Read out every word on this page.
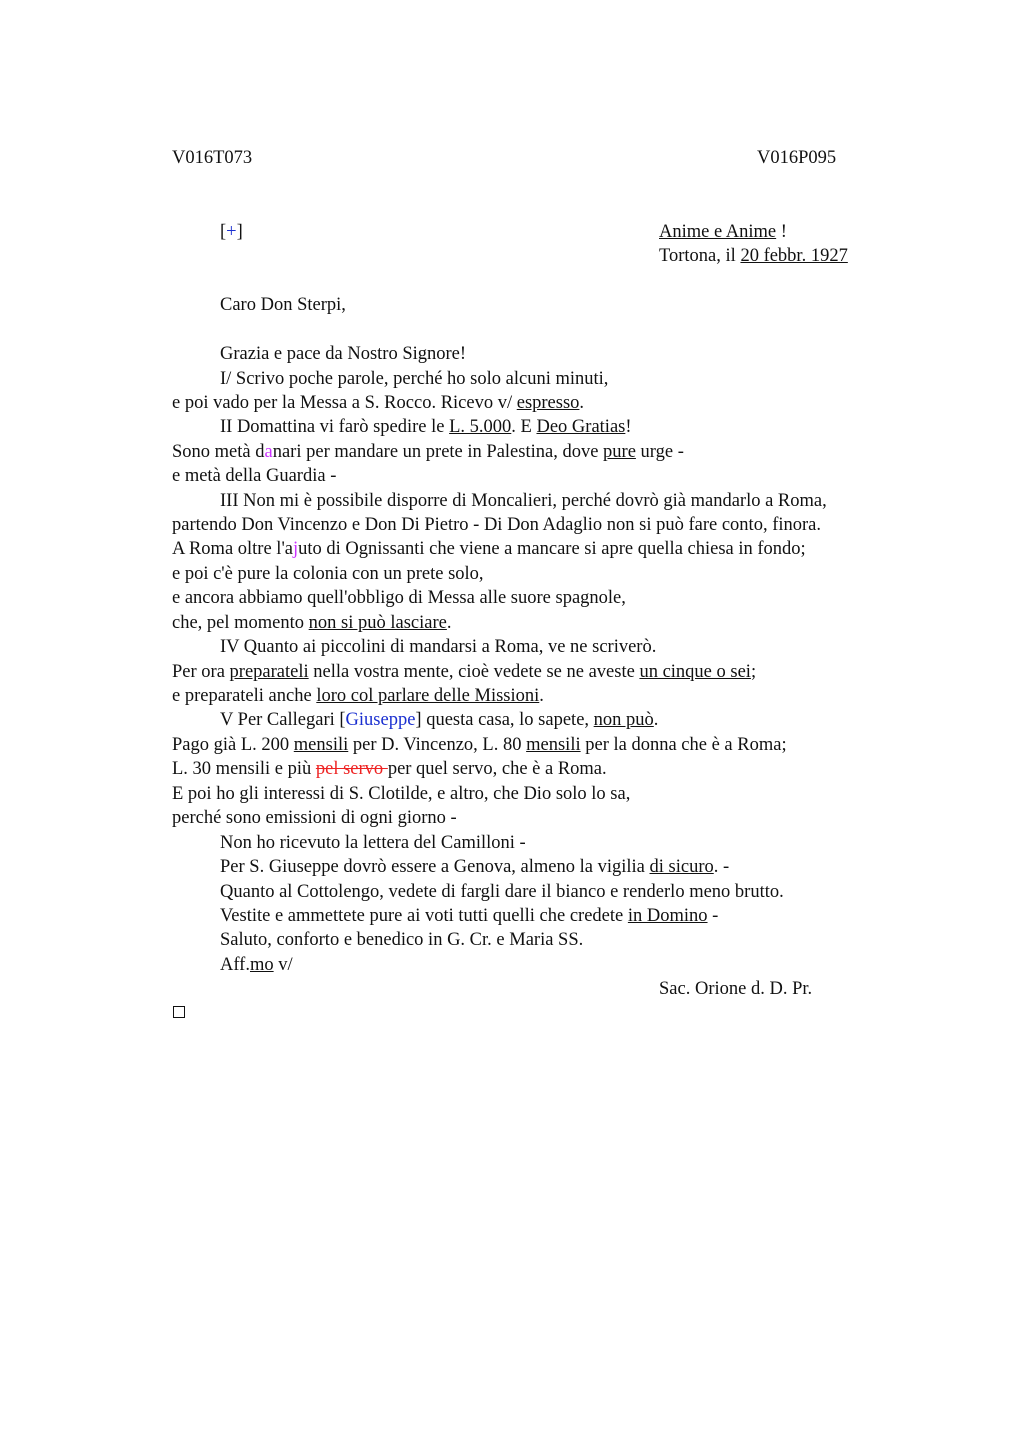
V016T073	V016P095
[+]	Anime e Anime !
Tortona, il 20 febbr. 1927
Caro Don Sterpi,
Grazia e pace da Nostro Signore!
I/ Scrivo poche parole, perché ho solo alcuni minuti,
e poi vado per la Messa a S. Rocco. Ricevo v/ espresso.
II Domattina vi farò spedire le L. 5.000. E Deo Gratias!
Sono metà danari per mandare un prete in Palestina, dove pure urge -
e metà della Guardia -
III Non mi è possibile disporre di Moncalieri, perché dovrò già mandarlo a Roma,
partendo Don Vincenzo e Don Di Pietro - Di Don Adaglio non si può fare conto, finora.
A Roma oltre l'ajuto di Ognissanti che viene a mancare si apre quella chiesa in fondo;
e poi c'è pure la colonia con un prete solo,
e ancora abbiamo quell'obbligo di Messa alle suore spagnole,
che, pel momento non si può lasciare.
IV Quanto ai piccolini di mandarsi a Roma, ve ne scriverò.
Per ora preparateli nella vostra mente, cioè vedete se ne aveste un cinque o sei;
e preparateli anche loro col parlare delle Missioni.
V Per Callegari [Giuseppe] questa casa, lo sapete, non può.
Pago già L. 200 mensili per D. Vincenzo, L. 80 mensili per la donna che è a Roma;
L. 30 mensili e più pel servo per quel servo, che è a Roma.
E poi ho gli interessi di S. Clotilde, e altro, che Dio solo lo sa,
perché sono emissioni di ogni giorno -
Non ho ricevuto la lettera del Camilloni -
Per S. Giuseppe dovrò essere a Genova, almeno la vigilia di sicuro. -
Quanto al Cottolengo, vedete di fargli dare il bianco e renderlo meno brutto.
Vestite e ammettete pure ai voti tutti quelli che credete in Domino -
Saluto, conforto e benedico in G. Cr. e Maria SS.
Aff.mo v/
Sac. Orione d. D. Pr.
